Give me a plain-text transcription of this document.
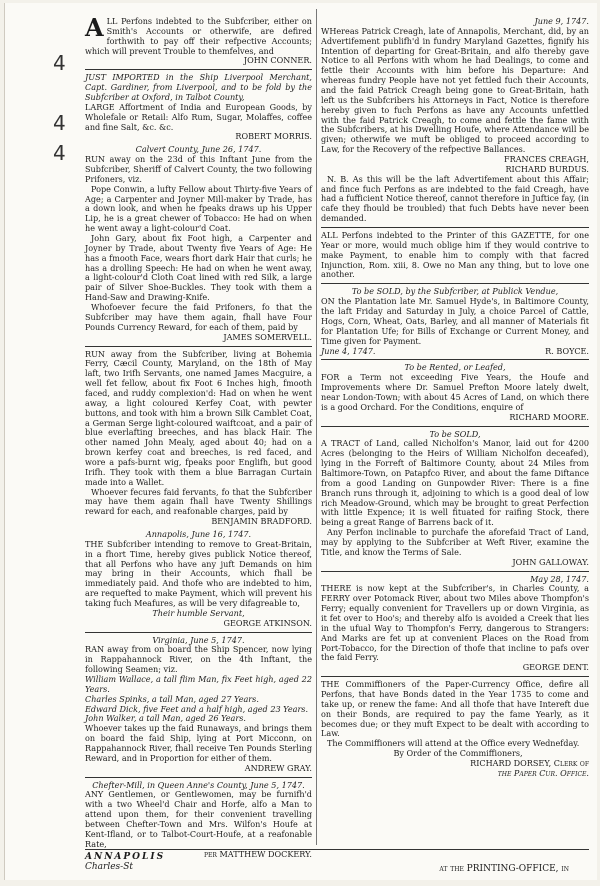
4
4
4

ALL Perfons indebted to the Subfcriber, either on Smith's Accounts or otherwife, are defired forthwith to pay off their refpective Accounts; which will prevent Trouble to themfelves, and

JOHN CONNER.
JUST IMPORTED in the Ship Liverpool Merchant, Capt. Gardiner, from Liverpool, and to be fold by the Subfcriber at Oxford, in Talbot County,

LARGE Affortment of India and European Goods, by Wholefale or Retail: Alfo Rum, Sugar, Molaffes, coffee and fine Salt, &c. &c.

ROBERT MORRIS.
Calvert County, June 26, 1747.

RUN away on the 23d of this Inftant June from the Subfcriber, Sheriff of Calvert County, the two following Prifoners, viz.

Pope Conwin, a lufty Fellow about Thirty-five Years of Age; a Carpenter and Joyner Mill-maker by Trade, has a down look, and when he fpeaks draws up his Upper Lip, he is a great chewer of Tobacco: He had on when he went away a light-colour'd Coat.

John Gary, about fix Foot high, a Carpenter and Joyner by Trade, about Twenty five Years of Age: He has a fmooth Face, wears fhort dark Hair that curls; he has a drolling Speech: He had on when he went away, a light-colour'd Cloth Coat lined with red Silk, a large pair of Silver Shoe-Buckles. They took with them a Hand-Saw and Drawing-Knife.

Whofoever fecure the faid Prifoners, fo that the Subfcriber may have them again, fhall have Four Pounds Currency Reward, for each of them, paid by

JAMES SOMERVELL.

RUN away from the Subfcriber, living at Bohemia Ferry, Cæcil County, Maryland, on the 18th of May laft, two Irifh Servants, one named James Macguire, a well fet fellow, about fix Foot 6 Inches high, fmooth faced, and ruddy complexion'd: Had on when he went away, a light coloured Kerfey Coat, with pewter buttons, and took with him a brown Silk Camblet Coat, a German Serge light-coloured waiftcoat, and a pair of blue everlafting breeches, and has black Hair. The other named John Mealy, aged about 40; had on a brown kerfey coat and breeches, is red faced, and wore a pafs-burnt wig, fpeaks poor Englifh, but good Irifh. They took with them a blue Barragan Curtain made into a Wallet.

Whoever fecures faid fervants, fo that the Subfcriber may have them again fhall have Twenty Shillings reward for each, and reafonable charges, paid by

BENJAMIN BRADFORD.
Annapolis, June 16, 1747.

THE Subfcriber intending to remove to Great-Britain, in a fhort Time, hereby gives publick Notice thereof, that all Perfons who have any juft Demands on him may bring in their Accounts, which fhall be immediately paid. And thofe who are indebted to him, are requefted to make Payment, which will prevent his taking fuch Meafures, as will be very difagreable to,

Their humble Servant,
GEORGE ATKINSON.
Virginia, June 5, 1747.

RAN away from on board the Ship Spencer, now lying in Rappahannock River, on the 4th Inftant, the following Seamen; viz.

William Wallace, a tall flim Man, fix Feet high, aged 22 Years.

Charles Spinks, a tall Man, aged 27 Years.

Edward Dick, five Feet and a half high, aged 23 Years.

John Walker, a tall Man, aged 26 Years.

Whoever takes up the faid Runaways, and brings them on board the faid Ship, lying at Port Micconn, on Rappahannock River, fhall receive Ten Pounds Sterling Reward, and in Proportion for either of them.

ANDREW GRAY.
Chefter-Mill, in Queen Anne's County, June 5, 1747.

ANY Gentlemen, or Gentlewomen, may be furnifh'd with a two Wheel'd Chair and Horfe, alfo a Man to attend upon them, for their convenient travelling between Chefter-Town and Mrs. Wilfon's Houfe at Kent-Ifland, or to Talbot-Court-Houfe, at a reafonable Rate,

per MATTHEW DOCKERY.
June 9, 1747.

WHereas Patrick Creagh, late of Annapolis, Merchant, did, by an Advertifement publifh'd in fundry Maryland Gazettes, fignify his Intention of departing for Great-Britain, and alfo thereby gave Notice to all Perfons with whom he had Dealings, to come and fettle their Accounts with him before his Departure: And whereas fundry People have not yet fettled fuch their Accounts, and the faid Patrick Creagh being gone to Great-Britain, hath left us the Subfcribers his Attorneys in Fact, Notice is therefore hereby given to fuch Perfons as have any Accounts unfettled with the faid Patrick Creagh, to come and fettle the fame with the Subfcribers, at his Dwelling Houfe, where Attendance will be given; otherwife we muft be obliged to proceed according to Law, for the Recovery of the refpective Ballances.

FRANCES CREAGH,
RICHARD BURDUS.

N. B. As this will be the laft Advertifement about this Affair; and fince fuch Perfons as are indebted to the faid Creagh, have had a fufficient Notice thereof, cannot therefore in Juftice fay, (in cafe they fhould be troubled) that fuch Debts have never been demanded.

ALL Perfons indebted to the Printer of this GAZETTE, for one Year or more, would much oblige him if they would contrive to make Payment, to enable him to comply with that facred Injunction, Rom. xiii, 8. Owe no Man any thing, but to love one another.

To be SOLD, by the Subfcriber, at Publick Vendue,

ON the Plantation late Mr. Samuel Hyde's, in Baltimore County, the laft Friday and Saturday in July, a choice Parcel of Cattle, Hogs, Corn, Wheat, Oats, Barley, and all manner of Materials fit for Plantation Ufe; for Bills of Exchange or Current Money, and Time given for Payment.

June 4, 1747.	R. BOYCE.
To be Rented, or Leafed,

FOR a Term not exceeding Five Years, the Houfe and Improvements where Dr. Samuel Prefton Moore lately dwelt, near London-Town; with about 45 Acres of Land, on which there is a good Orchard. For the Conditions, enquire of

RICHARD MOORE.
To be SOLD,

A TRACT of Land, called Nicholfon's Manor, laid out for 4200 Acres (belonging to the Heirs of William Nicholfon deceafed), lying in the Forreft of Baltimore County, about 24 Miles from Baltimore-Town, on Patapfco River, and about the fame Diftance from a good Landing on Gunpowder River: There is a fine Branch runs through it, adjoining to which is a good deal of low rich Meadow-Ground, which may be brought to great Perfection with little Expence; it is well fituated for raifing Stock, there being a great Range of Barrens back of it.

Any Perfon inclinable to purchafe the aforefaid Tract of Land, may by applying to the Subfcriber at Weft River, examine the Title, and know the Terms of Sale.

JOHN GALLOWAY.
May 28, 1747.

THERE is now kept at the Subfcriber's, in Charles County, a FERRY over Potomack River, about two Miles above Thompfon's Ferry; equally convenient for Travellers up or down Virginia, as it fet over to Hoo's; and thereby alfo is avoided a Creek that lies in the ufual Way to Thompfon's Ferry, dangerous to Strangers: And Marks are fet up at convenient Places on the Road from Port-Tobacco, for the Direction of thofe that incline to pafs over the faid Ferry.

GEORGE DENT.

THE Commiffioners of the Paper-Currency Office, defire all Perfons, that have Bonds dated in the Year 1735 to come and take up, or renew the fame: And all thofe that have Intereft due on their Bonds, are required to pay the fame Yearly, as it becomes due; or they muft Expect to be dealt with according to Law.

The Commiffioners will attend at the Office every Wednefday.

By Order of the Commiffioners,

RICHARD DORSEY, Clerk of
the Paper Cur. Office.
ANNAPOLIS
Charles-St	at the PRINTING-OFFICE, in
